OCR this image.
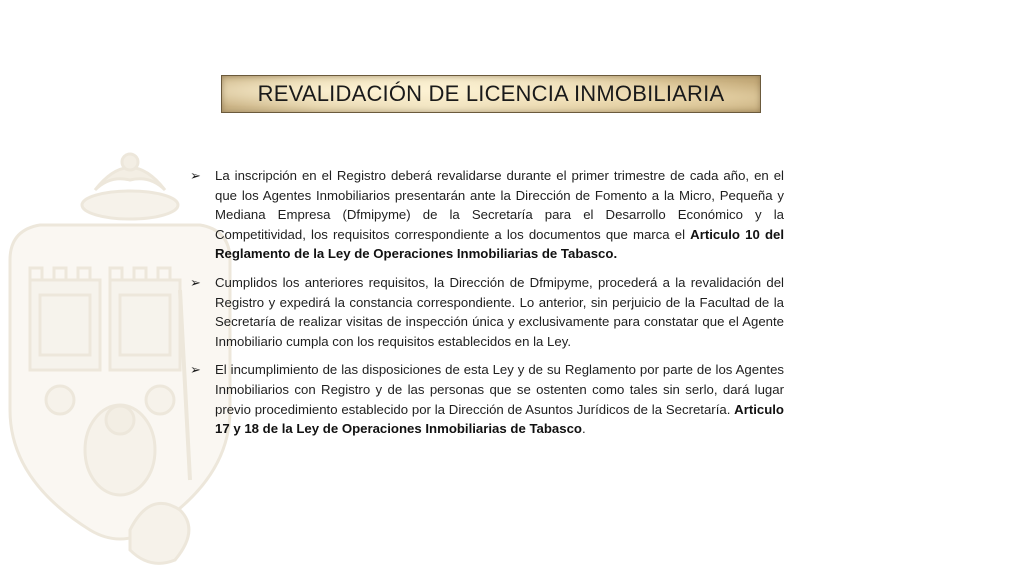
REVALIDACIÓN DE LICENCIA INMOBILIARIA
➢	La inscripción en el Registro deberá revalidarse durante el primer trimestre de cada año, en el que los Agentes Inmobiliarios presentarán ante la Dirección de Fomento a la Micro, Pequeña y Mediana Empresa (Dfmipyme) de la Secretaría para el Desarrollo Económico y la Competitividad, los requisitos correspondiente a los documentos que marca el Articulo 10 del Reglamento de la Ley de Operaciones Inmobiliarias de Tabasco.
➢	Cumplidos los anteriores requisitos, la Dirección de Dfmipyme, procederá a la revalidación del Registro y expedirá la constancia correspondiente. Lo anterior, sin perjuicio de la Facultad de la Secretaría de realizar visitas de inspección única y exclusivamente para constatar que el Agente Inmobiliario cumpla con los requisitos establecidos en la Ley.
➢	El incumplimiento de las disposiciones de esta Ley y de su Reglamento por parte de los Agentes Inmobiliarios con Registro y de las personas que se ostenten como tales sin serlo, dará lugar previo procedimiento establecido por la Dirección de Asuntos Jurídicos de la Secretaría. Articulo 17 y 18 de la Ley de Operaciones Inmobiliarias de Tabasco.
